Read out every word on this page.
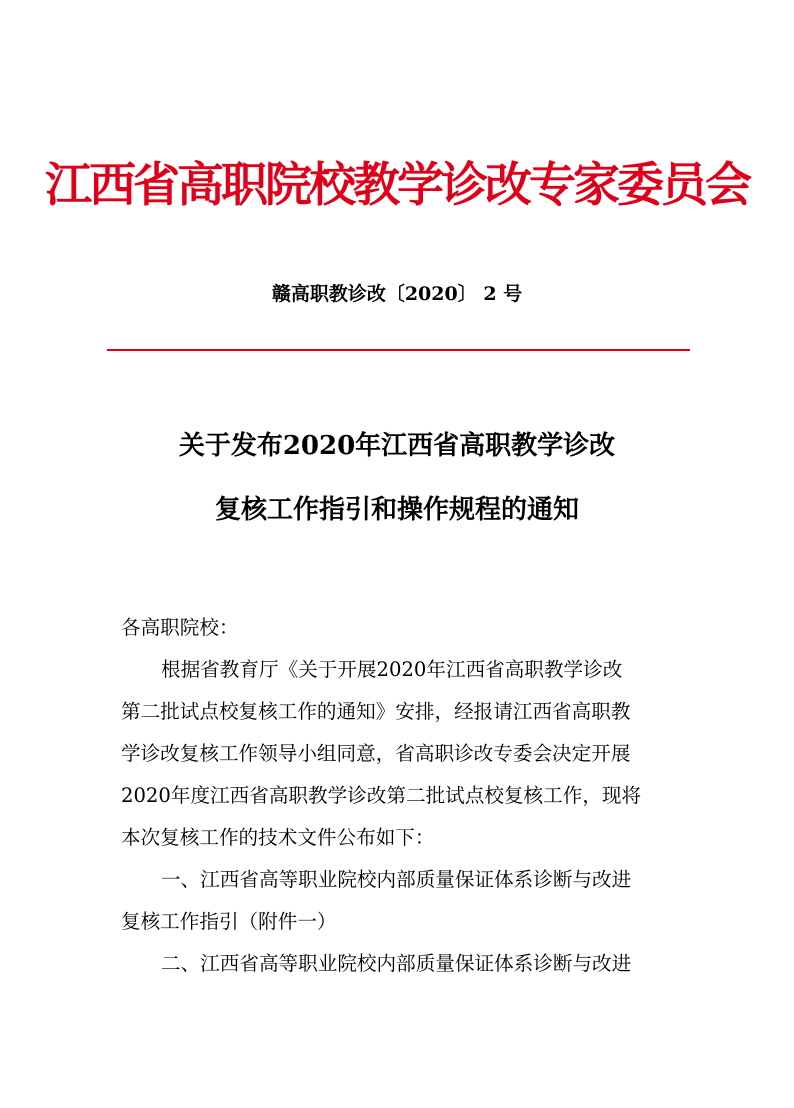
江西省高职院校教学诊改专家委员会
赣高职教诊改〔2020〕 2 号
关于发布2020年江西省高职教学诊改
复核工作指引和操作规程的通知
各高职院校：
根据省教育厅《关于开展2020年江西省高职教学诊改
第二批试点校复核工作的通知》安排，经报请江西省高职教
学诊改复核工作领导小组同意，省高职诊改专委会决定开展
2020年度江西省高职教学诊改第二批试点校复核工作，现将
本次复核工作的技术文件公布如下：
一、江西省高等职业院校内部质量保证体系诊断与改进
复核工作指引（附件一）
二、江西省高等职业院校内部质量保证体系诊断与改进
